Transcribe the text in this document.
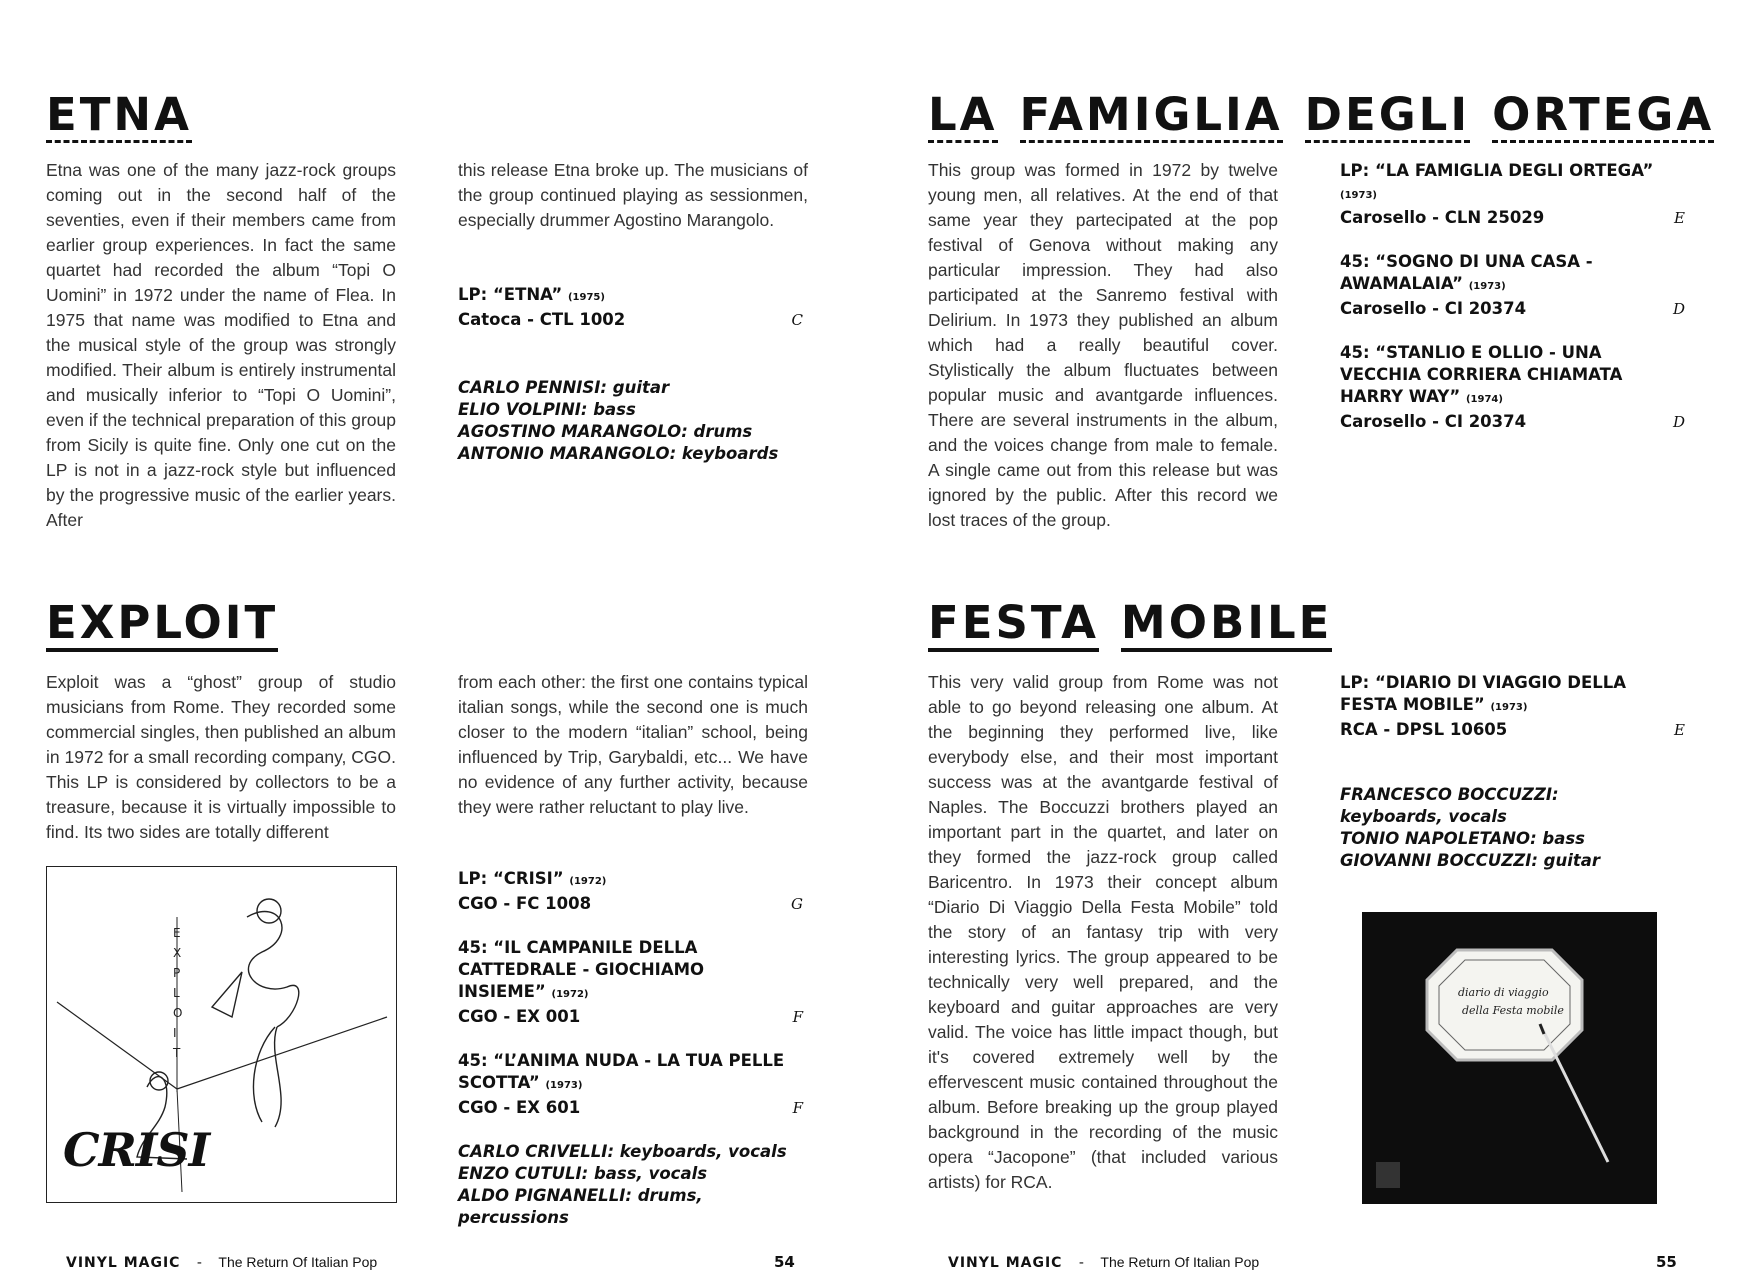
ETNA
Etna was one of the many jazz-rock groups coming out in the second half of the seventies, even if their members came from earlier group experiences. In fact the same quartet had recorded the album “Topi O Uomini” in 1972 under the name of Flea. In 1975 that name was modified to Etna and the musical style of the group was strongly modified. Their album is entirely instrumental and musically inferior to “Topi O Uomini”, even if the technical preparation of this group from Sicily is quite fine. Only one cut on the LP is not in a jazz-rock style but influenced by the progressive music of the earlier years. After
this release Etna broke up. The musicians of the group continued playing as sessionmen, especially drummer Agostino Marangolo.
LP: “ETNA” (1975)
Catoca - CTL 1002	C
CARLO PENNISI: guitar
ELIO VOLPINI: bass
AGOSTINO MARANGOLO: drums
ANTONIO MARANGOLO: keyboards
LA FAMIGLIA DEGLI ORTEGA
This group was formed in 1972 by twelve young men, all relatives. At the end of that same year they partecipated at the pop festival of Genova without making any particular impression. They had also participated at the Sanremo festival with Delirium. In 1973 they published an album which had a really beautiful cover. Stylistically the album fluctuates between popular music and avantgarde influences. There are several instruments in the album, and the voices change from male to female. A single came out from this release but was ignored by the public. After this record we lost traces of the group.
LP: “LA FAMIGLIA DEGLI ORTEGA” (1973)
Carosello - CLN 25029	E
45: “SOGNO DI UNA CASA - AWAMALAIA” (1973)
Carosello - CI 20374	D
45: “STANLIO E OLLIO - UNA VECCHIA CORRIERA CHIAMATA HARRY WAY” (1974)
Carosello - CI 20374	D
EXPLOIT
Exploit was a “ghost” group of studio musicians from Rome. They recorded some commercial singles, then published an album in 1972 for a small recording company, CGO. This LP is considered by collectors to be a treasure, because it is virtually impossible to find. Its two sides are totally different
from each other: the first one contains typical italian songs, while the second one is much closer to the modern “italian” school, being influenced by Trip, Garybaldi, etc... We have no evidence of any further activity, because they were rather reluctant to play live.
E
X
P
L
O
I
T
CRISI
LP: “CRISI” (1972)
CGO - FC 1008	G
45: “IL CAMPANILE DELLA CATTEDRALE - GIOCHIAMO INSIEME” (1972)
CGO - EX 001	F
45: “L’ANIMA NUDA - LA TUA PELLE SCOTTA” (1973)
CGO - EX 601	F
CARLO CRIVELLI: keyboards, vocals
ENZO CUTULI: bass, vocals
ALDO PIGNANELLI: drums, percussions
FESTA MOBILE
This very valid group from Rome was not able to go beyond releasing one album. At the beginning they performed live, like everybody else, and their most important success was at the avantgarde festival of Naples. The Boccuzzi brothers played an important part in the quartet, and later on they formed the jazz-rock group called Baricentro. In 1973 their concept album “Diario Di Viaggio Della Festa Mobile” told the story of an fantasy trip with very interesting lyrics. The group appeared to be technically very well prepared, and the keyboard and guitar approaches are very valid. The voice has little impact though, but it's covered extremely well by the effervescent music contained throughout the album. Before breaking up the group played background in the recording of the music opera “Jacopone” (that included various artists) for RCA.
LP: “DIARIO DI VIAGGIO DELLA FESTA MOBILE” (1973)
RCA - DPSL 10605	E
FRANCESCO BOCCUZZI: keyboards, vocals
TONIO NAPOLETANO: bass
GIOVANNI BOCCUZZI: guitar
diario di viaggio
della Festa mobile
VINYL MAGIC - The Return Of Italian Pop	54	VINYL MAGIC - The Return Of Italian Pop	55
